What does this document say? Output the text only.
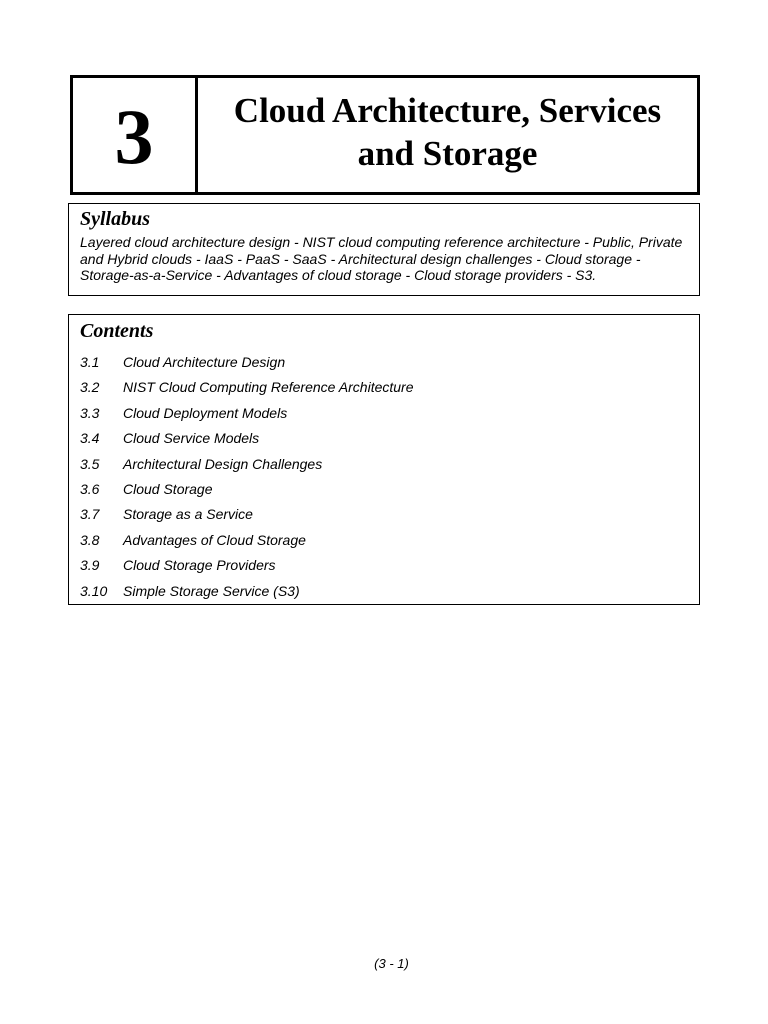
3	Cloud Architecture, Services and Storage
Syllabus
Layered cloud architecture design - NIST cloud computing reference architecture - Public, Private and Hybrid clouds - IaaS - PaaS - SaaS - Architectural design challenges - Cloud storage - Storage-as-a-Service - Advantages of cloud storage - Cloud storage providers - S3.
Contents
3.1	Cloud Architecture Design
3.2	NIST Cloud Computing Reference Architecture
3.3	Cloud Deployment Models
3.4	Cloud Service Models
3.5	Architectural Design Challenges
3.6	Cloud Storage
3.7	Storage as a Service
3.8	Advantages of Cloud Storage
3.9	Cloud Storage Providers
3.10	Simple Storage Service (S3)
(3 - 1)
